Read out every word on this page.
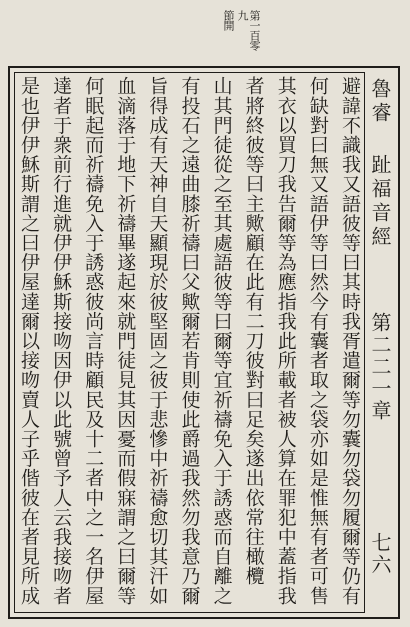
第一百零九
節開
魯睿 趾福音經
第二二一章
七六
避諱不識我又語彼等曰其時我胥遣爾等勿囊勿袋勿履爾等仍有
何缺對曰無又語伊等曰然今有囊者取之袋亦如是惟無有者可售
其衣以買刀我告爾等為應指我此所載者被人算在罪犯中蓋指我
者將終彼等曰主歟顧在此有二刀彼對曰足矣遂出依常往橄欖
山其門徒從之至其處語彼等曰爾等宜祈禱免入于誘惑而自離之
有投石之遠曲膝祈禱曰父歟爾若肯則使此爵過我然勿我意乃爾
旨得成有天神自天顯現於彼堅固之彼于悲慘中祈禱愈切其汗如
血滴落于地下祈禱畢遂起來就門徒見其因憂而假寐謂之曰爾等
何眠起而祈禱免入于誘惑彼尚言時顧民及十二者中之一名伊屋
達者于衆前行進就伊伊穌斯接吻因伊以此號曾予人云我接吻者
是也伊伊穌斯謂之曰伊屋達爾以接吻賣人子乎偕彼在者見所成
